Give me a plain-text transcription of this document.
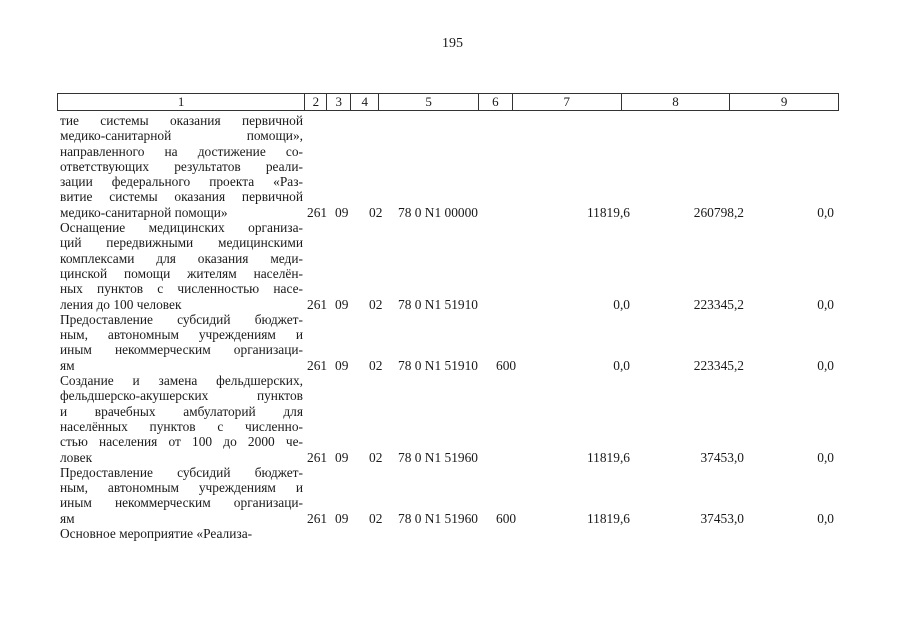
195
1	2	3	4	5	6	7	8	9
тие системы оказания первичной
медико-санитарной помощи»,
направленного на достижение со-
ответствующих результатов реали-
зации федерального проекта «Раз-
витие системы оказания первичной
медико-санитарной помощи»	261 09 02 78 0 N1 00000	11819,6	260798,2	0,0
Оснащение медицинских организа-
ций передвижными медицинскими
комплексами для оказания меди-
цинской помощи жителям населён-
ных пунктов с численностью насе-
ления до 100 человек	261 09 02 78 0 N1 51910	0,0	223345,2	0,0
Предоставление субсидий бюджет-
ным, автономным учреждениям и
иным некоммерческим организаци-
ям	261 09 02 78 0 N1 51910 600	0,0	223345,2	0,0
Создание и замена фельдшерских,
фельдшерско-акушерских пунктов
и врачебных амбулаторий для
населённых пунктов с численно-
стью населения от 100 до 2000 че-
ловек	261 09 02 78 0 N1 51960	11819,6	37453,0	0,0
Предоставление субсидий бюджет-
ным, автономным учреждениям и
иным некоммерческим организаци-
ям	261 09 02 78 0 N1 51960 600	11819,6	37453,0	0,0
Основное мероприятие «Реализа-
